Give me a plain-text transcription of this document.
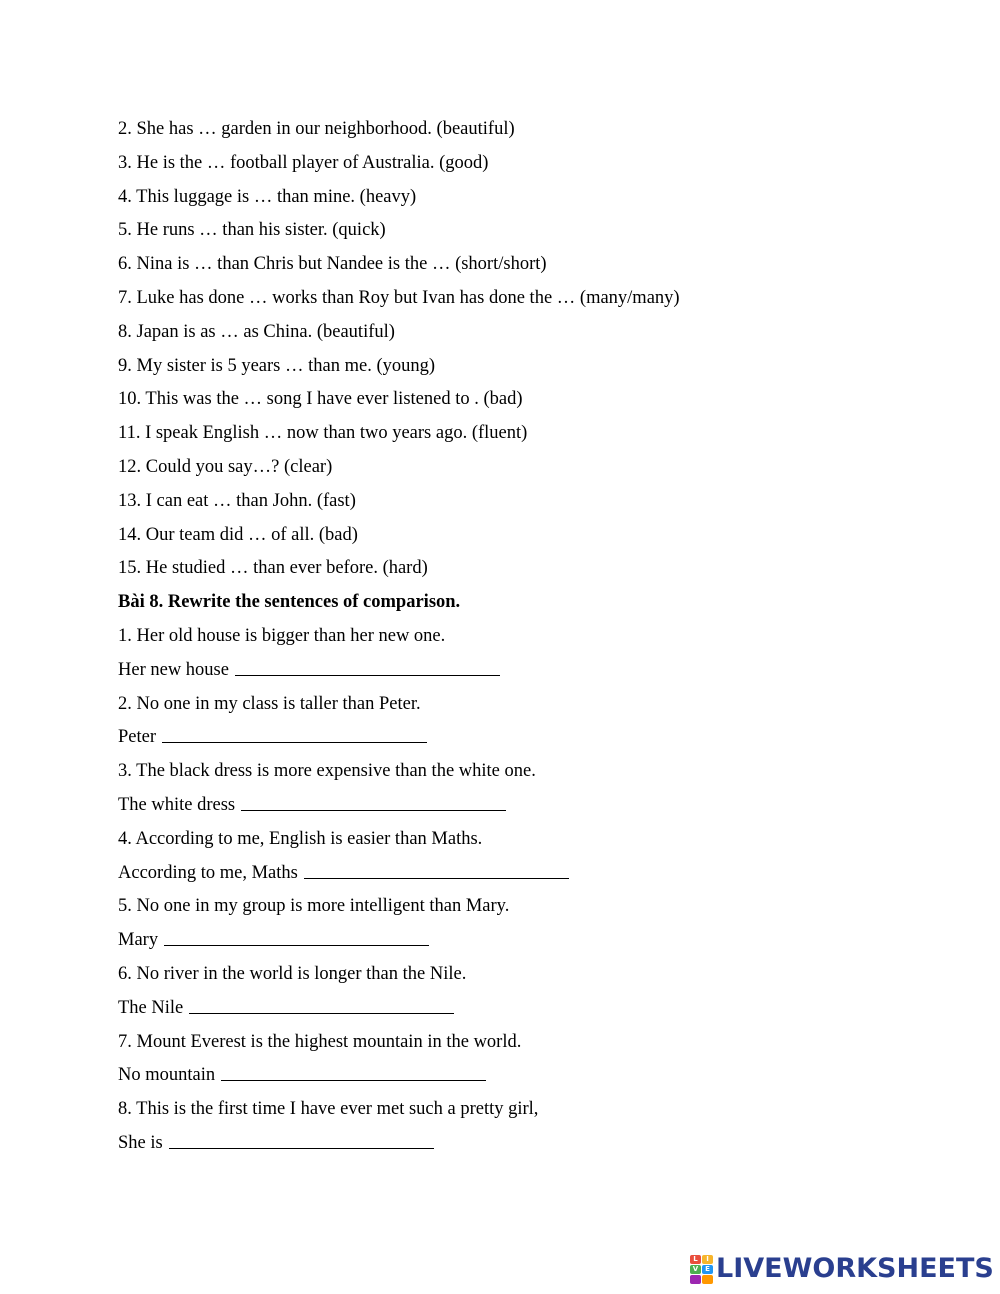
2. She has … garden in our neighborhood. (beautiful)
3. He is the … football player of Australia. (good)
4. This luggage is … than mine. (heavy)
5. He runs … than his sister. (quick)
6. Nina is … than Chris but Nandee is the … (short/short)
7. Luke has done … works than Roy but Ivan has done the … (many/many)
8. Japan is as … as China. (beautiful)
9. My sister is 5 years … than me. (young)
10. This was the … song I have ever listened to . (bad)
11. I speak English … now than two years ago. (fluent)
12. Could you say…? (clear)
13. I can eat … than John. (fast)
14. Our team did … of all. (bad)
15. He studied … than ever before. (hard)
Bài 8. Rewrite the sentences of comparison.
1. Her old house is bigger than her new one.
Her new house
2. No one in my class is taller than Peter.
Peter
3. The black dress is more expensive than the white one.
The white dress
4. According to me, English is easier than Maths.
According to me, Maths
5. No one in my group is more intelligent than Mary.
Mary
6. No river in the world is longer than the Nile.
The Nile
7. Mount Everest is the highest mountain in the world.
No mountain
8. This is the first time I have ever met such a pretty girl,
She is
L	I
V E LIVEWORKSHEETS
